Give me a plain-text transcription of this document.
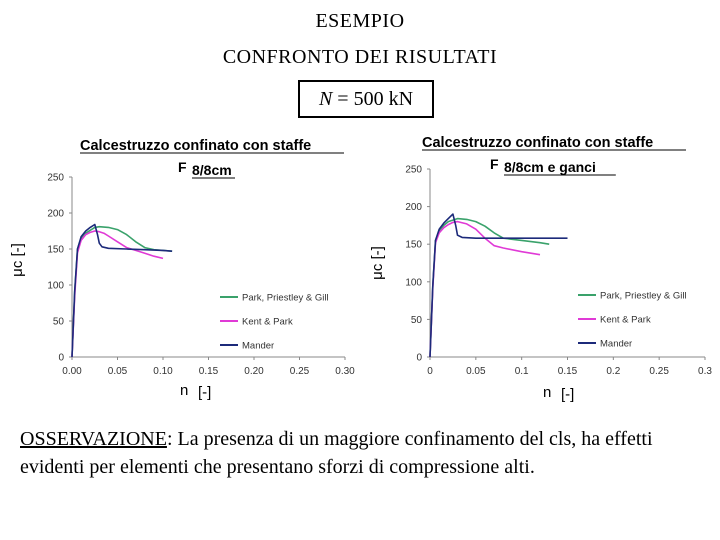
ESEMPIO
CONFRONTO DEI RISULTATI
N = 500 kN
Calcestruzzo confinato con staffe
F 8/8cm
0
50
100
150
200
250
0.00	0.05	0.10	0.15	0.20	0.25	0.30
μc [-]
n [-]
Park, Priestley & Gill
Kent & Park
Mander
Calcestruzzo confinato con staffe
F 8/8cm e ganci
0
50
100
150
200
250
0	0.05	0.1	0.15	0.2	0.25	0.3
μc [-]
n [-]
Park, Priestley & Gill
Kent & Park
Mander
OSSERVAZIONE: La presenza di un maggiore confinamento del cls, ha effetti evidenti per elementi che presentano sforzi di compressione alti.
